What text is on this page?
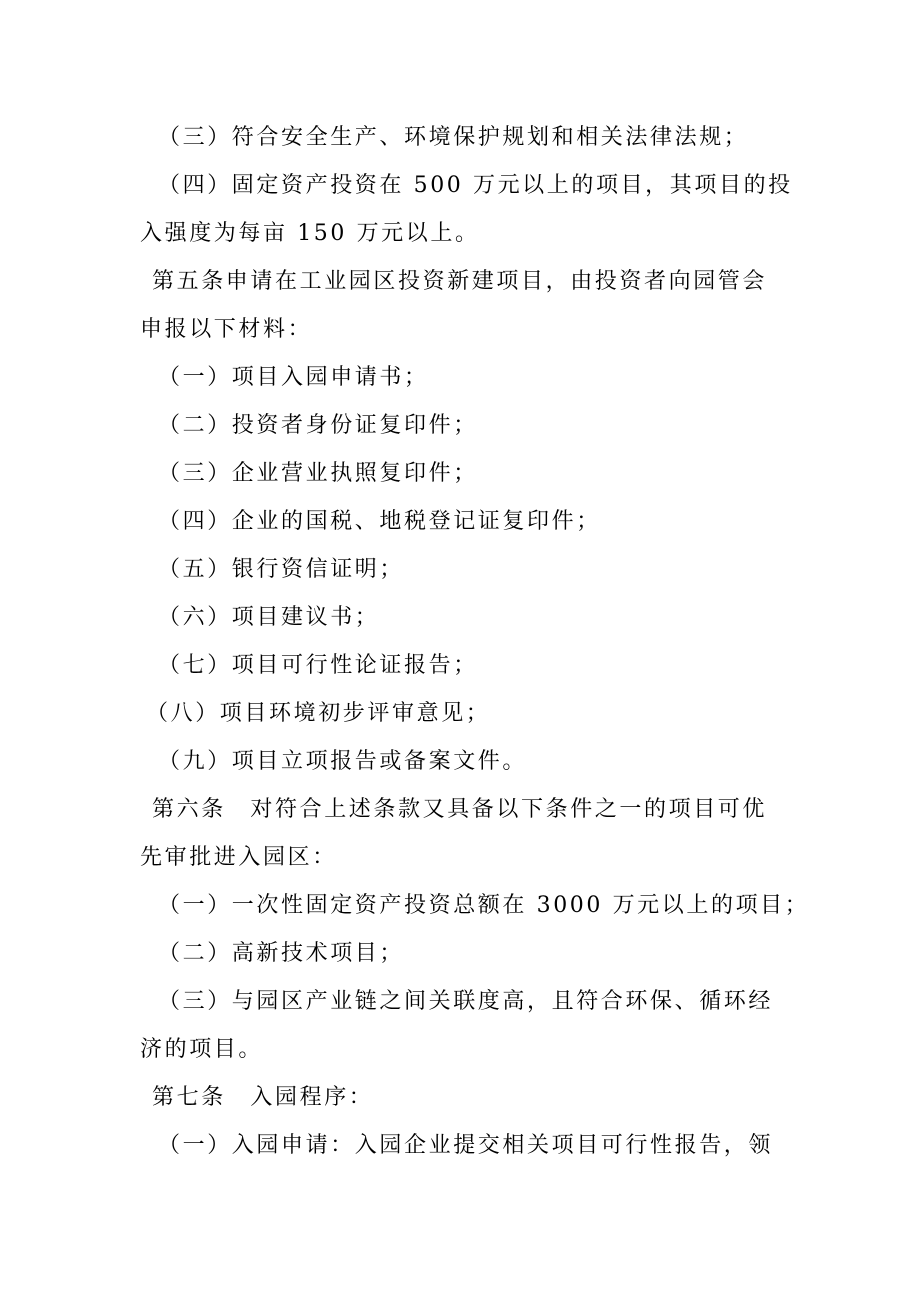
（三）符合安全生产、环境保护规划和相关法律法规；
（四）固定资产投资在 500 万元以上的项目，其项目的投
入强度为每亩 150 万元以上。
第五条申请在工业园区投资新建项目，由投资者向园管会
申报以下材料：
（一）项目入园申请书；
（二）投资者身份证复印件；
（三）企业营业执照复印件；
（四）企业的国税、地税登记证复印件；
（五）银行资信证明；
（六）项目建议书；
（七）项目可行性论证报告；
（八）项目环境初步评审意见；
（九）项目立项报告或备案文件。
第六条　对符合上述条款又具备以下条件之一的项目可优
先审批进入园区：
（一）一次性固定资产投资总额在 3000 万元以上的项目；
（二）高新技术项目；
（三）与园区产业链之间关联度高，且符合环保、循环经
济的项目。
第七条　入园程序：
（一）入园申请：入园企业提交相关项目可行性报告，领
